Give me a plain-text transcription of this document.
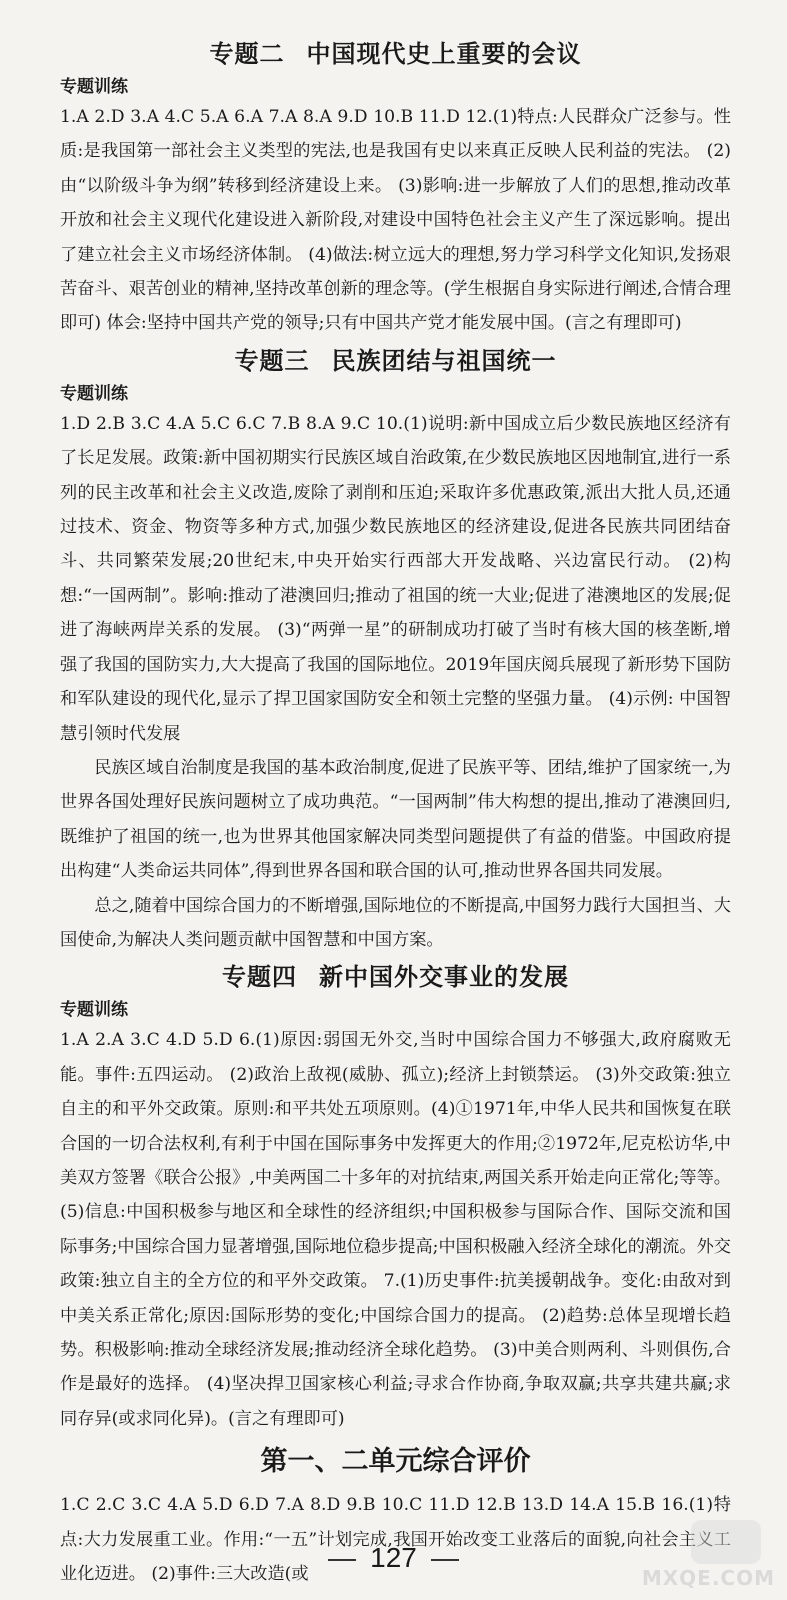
专题二 中国现代史上重要的会议

专题训练

1.A 2.D 3.A 4.C 5.A 6.A 7.A 8.A 9.D 10.B 11.D 12.(1)特点:人民群众广泛参与。性质:是我国第一部社会主义类型的宪法,也是我国有史以来真正反映人民利益的宪法。 (2)由“以阶级斗争为纲”转移到经济建设上来。 (3)影响:进一步解放了人们的思想,推动改革开放和社会主义现代化建设进入新阶段,对建设中国特色社会主义产生了深远影响。提出了建立社会主义市场经济体制。 (4)做法:树立远大的理想,努力学习科学文化知识,发扬艰苦奋斗、艰苦创业的精神,坚持改革创新的理念等。(学生根据自身实际进行阐述,合情合理即可) 体会:坚持中国共产党的领导;只有中国共产党才能发展中国。(言之有理即可)

专题三 民族团结与祖国统一

专题训练

1.D 2.B 3.C 4.A 5.C 6.C 7.B 8.A 9.C 10.(1)说明:新中国成立后少数民族地区经济有了长足发展。政策:新中国初期实行民族区域自治政策,在少数民族地区因地制宜,进行一系列的民主改革和社会主义改造,废除了剥削和压迫;采取许多优惠政策,派出大批人员,还通过技术、资金、物资等多种方式,加强少数民族地区的经济建设,促进各民族共同团结奋斗、共同繁荣发展;20世纪末,中央开始实行西部大开发战略、兴边富民行动。 (2)构想:“一国两制”。影响:推动了港澳回归;推动了祖国的统一大业;促进了港澳地区的发展;促进了海峡两岸关系的发展。 (3)“两弹一星”的研制成功打破了当时有核大国的核垄断,增强了我国的国防实力,大大提高了我国的国际地位。2019年国庆阅兵展现了新形势下国防和军队建设的现代化,显示了捍卫国家国防安全和领土完整的坚强力量。 (4)示例: 中国智慧引领时代发展

民族区域自治制度是我国的基本政治制度,促进了民族平等、团结,维护了国家统一,为世界各国处理好民族问题树立了成功典范。“一国两制”伟大构想的提出,推动了港澳回归,既维护了祖国的统一,也为世界其他国家解决同类型问题提供了有益的借鉴。中国政府提出构建“人类命运共同体”,得到世界各国和联合国的认可,推动世界各国共同发展。

总之,随着中国综合国力的不断增强,国际地位的不断提高,中国努力践行大国担当、大国使命,为解决人类问题贡献中国智慧和中国方案。

专题四 新中国外交事业的发展

专题训练

1.A 2.A 3.C 4.D 5.D 6.(1)原因:弱国无外交,当时中国综合国力不够强大,政府腐败无能。事件:五四运动。 (2)政治上敌视(威胁、孤立);经济上封锁禁运。 (3)外交政策:独立自主的和平外交政策。原则:和平共处五项原则。(4)①1971年,中华人民共和国恢复在联合国的一切合法权利,有利于中国在国际事务中发挥更大的作用;②1972年,尼克松访华,中美双方签署《联合公报》,中美两国二十多年的对抗结束,两国关系开始走向正常化;等等。 (5)信息:中国积极参与地区和全球性的经济组织;中国积极参与国际合作、国际交流和国际事务;中国综合国力显著增强,国际地位稳步提高;中国积极融入经济全球化的潮流。外交政策:独立自主的全方位的和平外交政策。 7.(1)历史事件:抗美援朝战争。变化:由敌对到中美关系正常化;原因:国际形势的变化;中国综合国力的提高。 (2)趋势:总体呈现增长趋势。积极影响:推动全球经济发展;推动经济全球化趋势。 (3)中美合则两利、斗则俱伤,合作是最好的选择。 (4)坚决捍卫国家核心利益;寻求合作协商,争取双赢;共享共建共赢;求同存异(或求同化异)。(言之有理即可)

第一、二单元综合评价

1.C 2.C 3.C 4.A 5.D 6.D 7.A 8.D 9.B 10.C 11.D 12.B 13.D 14.A 15.B 16.(1)特点:大力发展重工业。作用:“一五”计划完成,我国开始改变工业落后的面貌,向社会主义工业化迈进。 (2)事件:三大改造(或

127
MXQE.COM
